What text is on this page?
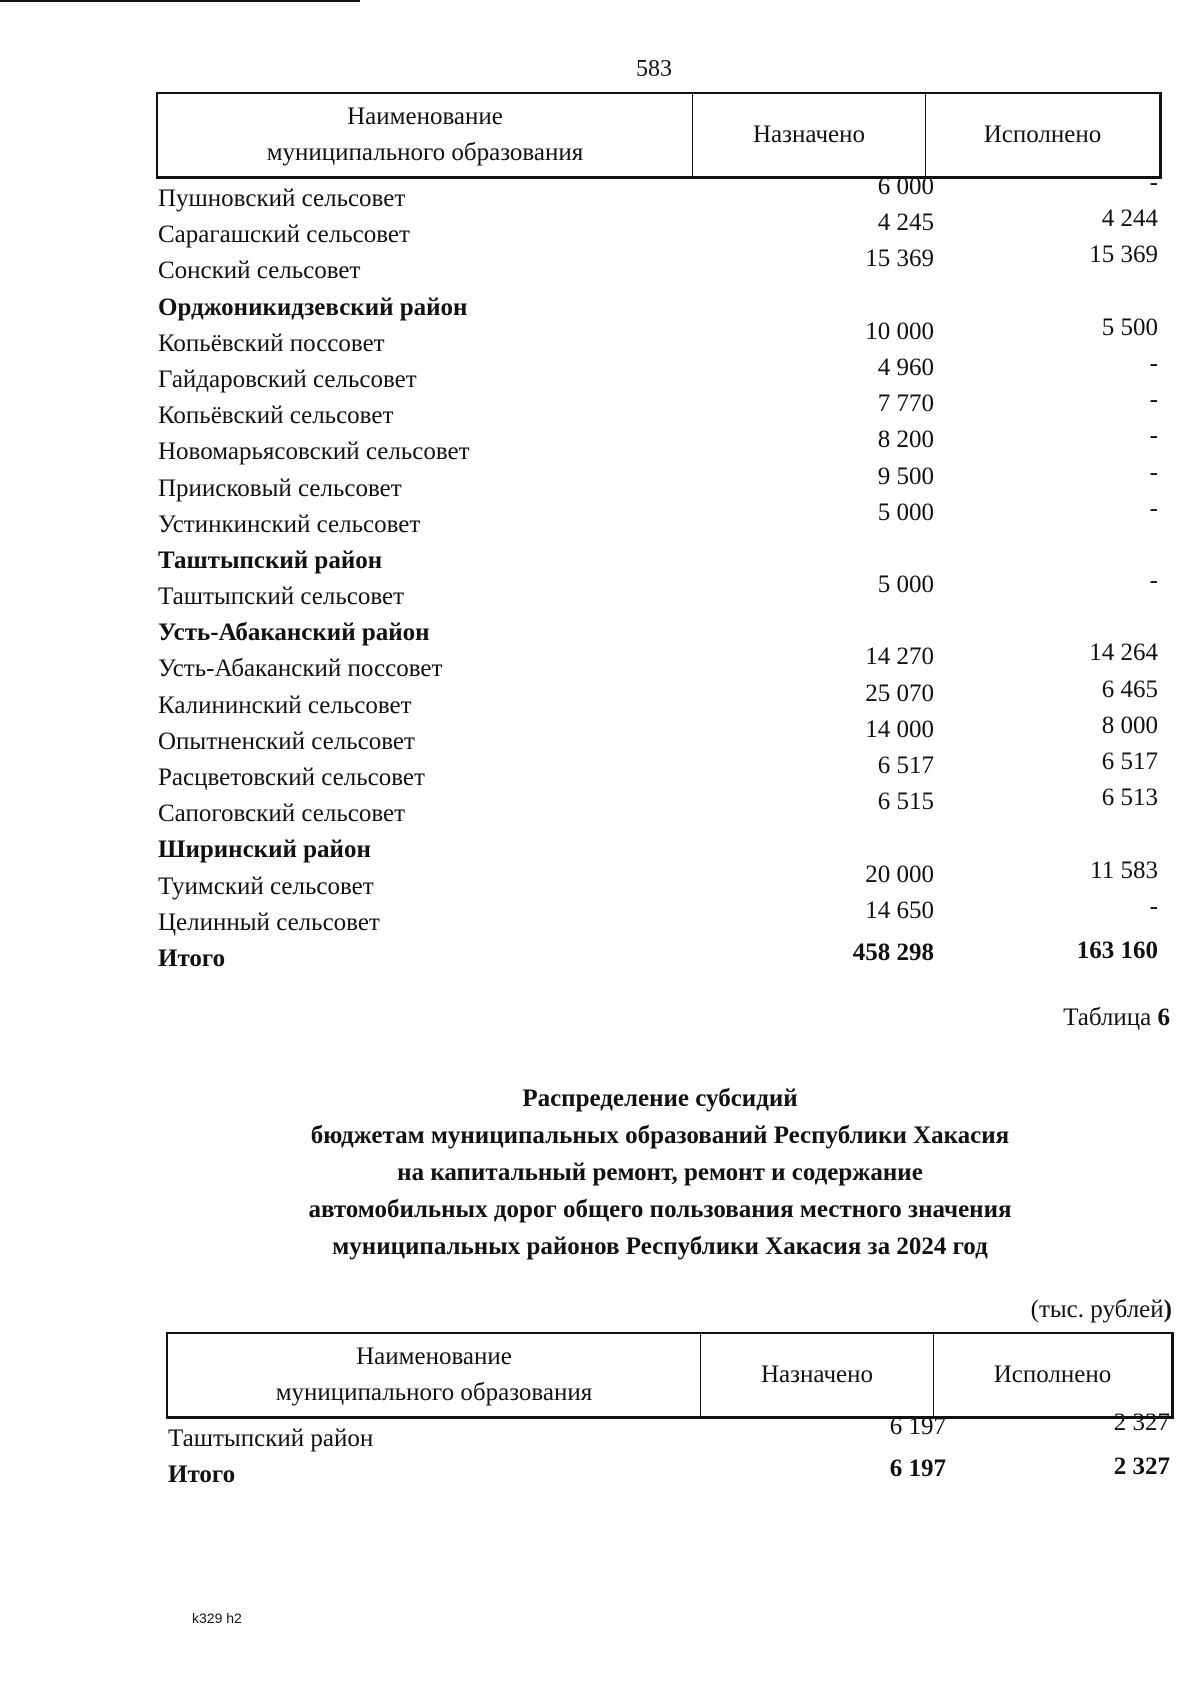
583
Наименование
муниципального образования
Назначено	Исполнено
Пушновский сельсовет	6 000	-
Сарагашский сельсовет	4 245	4 244
Сонский сельсовет	15 369	15 369
Орджоникидзевский район
Копьёвский поссовет	10 000	5 500
Гайдаровский сельсовет	4 960	-
Копьёвский сельсовет	7 770	-
Новомарьясовский сельсовет	8 200	-
Приисковый сельсовет	9 500	-
Устинкинский сельсовет	5 000	-
Таштыпский район
Таштыпский сельсовет	5 000	-
Усть-Абаканский район
Усть-Абаканский поссовет	14 270	14 264
Калининский сельсовет	25 070	6 465
Опытненский сельсовет	14 000	8 000
Расцветовский сельсовет	6 517	6 517
Сапоговский сельсовет	6 515	6 513
Ширинский район
Туимский сельсовет	20 000	11 583
Целинный сельсовет	14 650	-
Итого	458 298	163 160
Таблица 6
Распределение субсидий
бюджетам муниципальных образований Республики Хакасия
на капитальный ремонт, ремонт и содержание
автомобильных дорог общего пользования местного значения
муниципальных районов Республики Хакасия за 2024 год
(тыс. рублей)
Наименование
муниципального образования
Назначено	Исполнено
Таштыпский район	6 197	2 327
Итого	6 197	2 327
k329 h2
